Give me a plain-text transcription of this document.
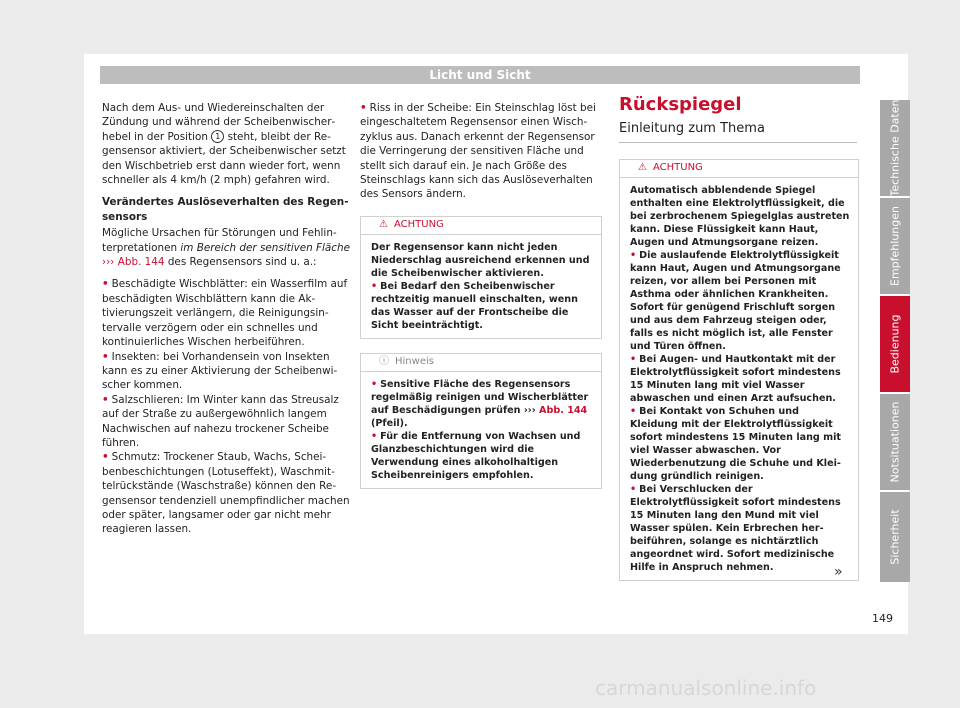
Licht und Sicht

Nach dem Aus- und Wiedereinschalten der Zündung und während der Scheibenwischerhebel in der Position 1 steht, bleibt der Regensensor aktiviert, der Scheibenwischer setzt den Wischbetrieb erst dann wieder fort, wenn schneller als 4 km/h (2 mph) gefahren wird.

Verändertes Auslöseverhalten des Regensensors

Mögliche Ursachen für Störungen und Fehlinterpretationen im Bereich der sensitiven Fläche ››› Abb. 144 des Regensensors sind u. a.:

• Beschädigte Wischblätter: ein Wasserfilm auf beschädigten Wischblättern kann die Aktivierungszeit verlängern, die Reinigungsintervalle verzögern oder ein schnelles und kontinuierliches Wischen herbeiführen.
• Insekten: bei Vorhandensein von Insekten kann es zu einer Aktivierung der Scheibenwischer kommen.
• Salzschlieren: Im Winter kann das Streusalz auf der Straße zu außergewöhnlich langem Nachwischen auf nahezu trockener Scheibe führen.
• Schmutz: Trockener Staub, Wachs, Scheibenbeschichtungen (Lotuseffekt), Waschmittelrückstände (Waschstraße) können den Regensensor tendenziell unempfindlicher machen oder später, langsamer oder gar nicht mehr reagieren lassen.
• Riss in der Scheibe: Ein Steinschlag löst bei eingeschaltetem Regensensor einen Wischzyklus aus. Danach erkennt der Regensensor die Verringerung der sensitiven Fläche und stellt sich darauf ein. Je nach Größe des Steinschlags kann sich das Auslöseverhalten des Sensors ändern.
⚠ ACHTUNG

Der Regensensor kann nicht jeden Niederschlag ausreichend erkennen und die Scheibenwischer aktivieren.

• Bei Bedarf den Scheibenwischer rechtzeitig manuell einschalten, wenn das Wasser auf der Frontscheibe die Sicht beeinträchtigt.
ⓘ Hinweis
• Sensitive Fläche des Regensensors regelmäßig reinigen und Wischerblätter auf Beschädigungen prüfen ››› Abb. 144 (Pfeil).
• Für die Entfernung von Wachsen und Glanzbeschichtungen wird die Verwendung eines alkoholhaltigen Scheibenreinigers empfohlen.
Rückspiegel
Einleitung zum Thema
⚠ ACHTUNG

Automatisch abblendende Spiegel enthalten eine Elektrolytflüssigkeit, die bei zerbrochenem Spiegelglas austreten kann. Diese Flüssigkeit kann Haut, Augen und Atmungsorgane reizen.

• Die auslaufende Elektrolytflüssigkeit kann Haut, Augen und Atmungsorgane reizen, vor allem bei Personen mit Asthma oder ähnlichen Krankheiten. Sofort für genügend Frischluft sorgen und aus dem Fahrzeug steigen oder, falls es nicht möglich ist, alle Fenster und Türen öffnen.
• Bei Augen- und Hautkontakt mit der Elektrolytflüssigkeit sofort mindestens 15 Minuten lang mit viel Wasser abwaschen und einen Arzt aufsuchen.
• Bei Kontakt von Schuhen und Kleidung mit der Elektrolytflüssigkeit sofort mindestens 15 Minuten lang mit viel Wasser abwaschen. Vor Wiederbenutzung die Schuhe und Kleidung gründlich reinigen.
• Bei Verschlucken der Elektrolytflüssigkeit sofort mindestens 15 Minuten lang den Mund mit viel Wasser spülen. Kein Erbrechen herbeiführen, solange es nichtärztlich angeordnet wird. Sofort medizinische Hilfe in Anspruch nehmen.	»
Technische Daten
Empfehlungen
Bedienung
Notsituationen
Sicherheit
149
carmanualsonline.info
